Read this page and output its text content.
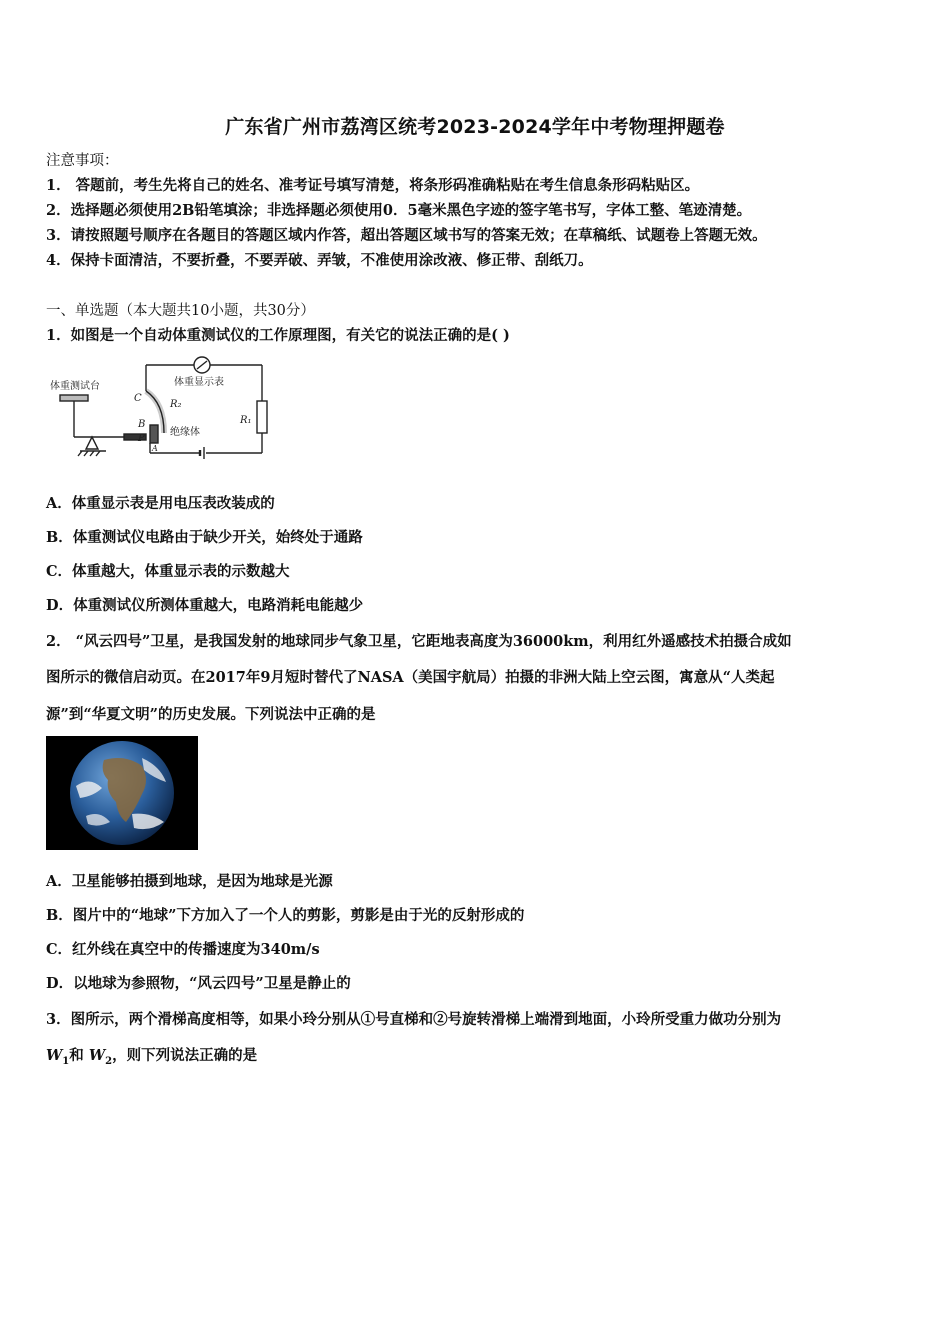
广东省广州市荔湾区统考2023-2024学年中考物理押题卷
注意事项：
1． 答题前，考生先将自己的姓名、准考证号填写清楚，将条形码准确粘贴在考生信息条形码粘贴区。
2．选择题必须使用2B铅笔填涂；非选择题必须使用0．5毫米黑色字迹的签字笔书写，字体工整、笔迹清楚。
3．请按照题号顺序在各题目的答题区域内作答，超出答题区域书写的答案无效；在草稿纸、试题卷上答题无效。
4．保持卡面清洁，不要折叠，不要弄破、弄皱，不准使用涂改液、修正带、刮纸刀。
一、单选题（本大题共10小题，共30分）
1．如图是一个自动体重测试仪的工作原理图，有关它的说法正确的是( )
体重测试台	体重显示表
R₂
R₁
绝缘体
C
B
P
A
A．体重显示表是用电压表改装成的
B．体重测试仪电路由于缺少开关，始终处于通路
C．体重越大，体重显示表的示数越大
D．体重测试仪所测体重越大，电路消耗电能越少
2． “风云四号”卫星，是我国发射的地球同步气象卫星，它距地表高度为36000km，利用红外遥感技术拍摄合成如
图所示的微信启动页。在2017年9月短时替代了NASA（美国宇航局）拍摄的非洲大陆上空云图，寓意从“人类起
源”到“华夏文明”的历史发展。下列说法中正确的是
A．卫星能够拍摄到地球，是因为地球是光源
B．图片中的“地球”下方加入了一个人的剪影，剪影是由于光的反射形成的
C．红外线在真空中的传播速度为340m/s
D．以地球为参照物，“风云四号”卫星是静止的
3．图所示，两个滑梯高度相等，如果小玲分别从①号直梯和②号旋转滑梯上端滑到地面，小玲所受重力做功分别为
$W_1$和 $W_2$，则下列说法正确的是
